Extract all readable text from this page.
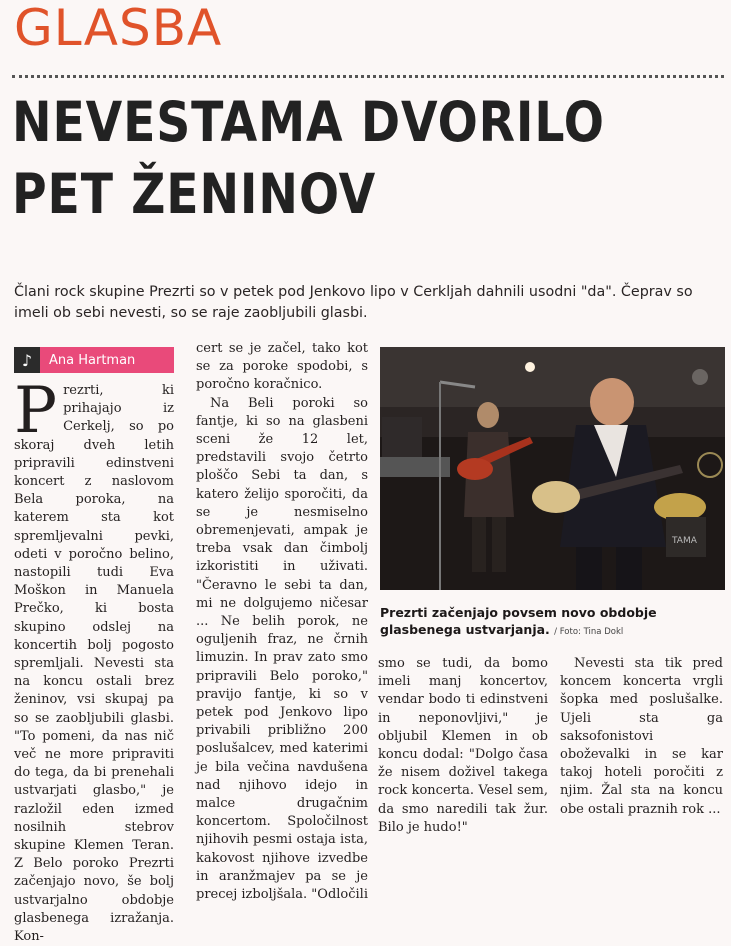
GLASBA
NEVESTAMA DVORILO
PET ŽENINOV

Člani rock skupine Prezrti so v petek pod Jenkovo lipo v Cerkljah dahnili usodni "da". Čeprav so imeli ob sebi nevesti, so se raje zaobljubili glasbi.

♪	Ana Hartman
P rezrti, ki prihajajo iz Cerkelj, so po skoraj dveh letih pripravili edinstveni koncert z naslovom Bela poroka, na katerem sta kot spremljevalni pevki, odeti v poročno belino, nastopili tudi Eva Moškon in Manuela Prečko, ki bosta skupino odslej na koncertih bolj pogosto spremljali. Nevesti sta na koncu ostali brez ženinov, vsi skupaj pa so se zaobljubili glasbi. "To pomeni, da nas nič več ne more pripraviti do tega, da bi prenehali ustvarjati glasbo," je razložil eden izmed nosilnih stebrov skupine Klemen Teran. Z Belo poroko Prezrti začenjajo novo, še bolj ustvarjalno obdobje glasbenega izražanja. Kon-

cert se je začel, tako kot se za poroke spodobi, s poročno koračnico.

Na Beli poroki so fantje, ki so na glasbeni sceni že 12 let, predstavili svojo četrto ploščo Sebi ta dan, s katero želijo sporočiti, da se je nesmiselno obremenjevati, ampak je treba vsak dan čimbolj izkoristiti in uživati. "Čeravno le sebi ta dan, mi ne dolgujemo ničesar ... Ne belih porok, ne oguljenih fraz, ne črnih limuzin. In prav zato smo pripravili Belo poroko," pravijo fantje, ki so v petek pod Jenkovo lipo privabili približno 200 poslušalcev, med katerimi je bila večina navdušena nad njihovo idejo in malce drugačnim koncertom. Spoločilnost njihovih pesmi ostaja ista, kakovost njihove izvedbe in aranžmajev pa se je precej izboljšala. "Odločili

TAMA
Prezrti začenjajo povsem novo obdobje glasbenega ustvarjanja. / Foto: Tina Dokl

smo se tudi, da bomo imeli manj koncertov, vendar bodo ti edinstveni in neponovljivi," je obljubil Klemen in ob koncu dodal: "Dolgo časa že nisem doživel takega rock koncerta. Vesel sem, da smo naredili tak žur. Bilo je hudo!"

Nevesti sta tik pred koncem koncerta vrgli šopka med poslušalke. Ujeli sta ga saksofonistovi oboževalki in se kar takoj hoteli poročiti z njim. Žal sta na koncu obe ostali praznih rok ...
